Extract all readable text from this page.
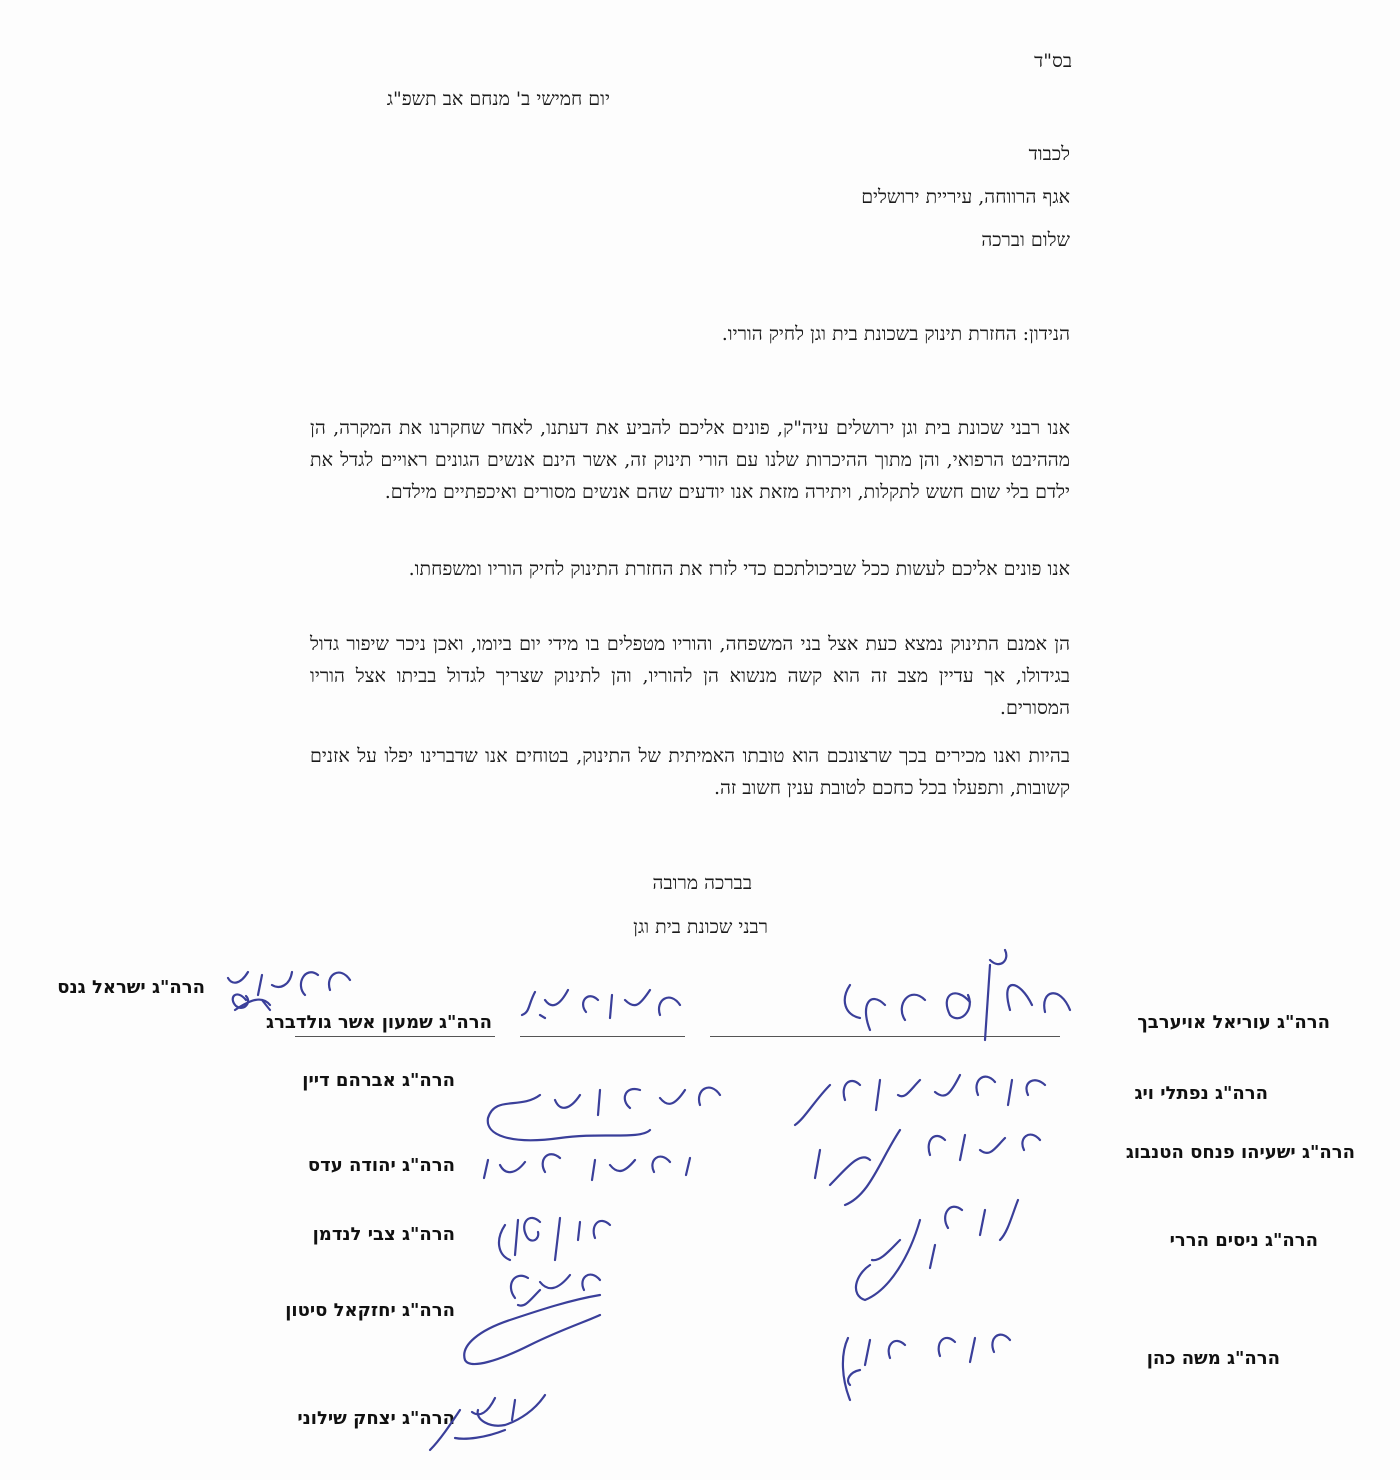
בס"ד
יום חמישי ב' מנחם אב תשפ"ג
לכבוד
אגף הרווחה, עיריית ירושלים
שלום וברכה
הנידון: החזרת תינוק בשכונת בית וגן לחיק הוריו.
אנו רבני שכונת בית וגן ירושלים עיה"ק, פונים אליכם להביע את דעתנו, לאחר שחקרנו את המקרה, הן מההיבט הרפואי, והן מתוך ההיכרות שלנו עם הורי תינוק זה, אשר הינם אנשים הגונים ראויים לגדל את ילדם בלי שום חשש לתקלות, ויתירה מזאת אנו יודעים שהם אנשים מסורים ואיכפתיים מילדם.
אנו פונים אליכם לעשות ככל שביכולתכם כדי לזרז את החזרת התינוק לחיק הוריו ומשפחתו.
הן אמנם התינוק נמצא כעת אצל בני המשפחה, והוריו מטפלים בו מידי יום ביומו, ואכן ניכר שיפור גדול בגידולו, אך עדיין מצב זה הוא קשה מנשוא הן להוריו, והן לתינוק שצריך לגדול בביתו אצל הוריו המסורים.
בהיות ואנו מכירים בכך שרצונכם הוא טובתו האמיתית של התינוק, בטוחים אנו שדברינו יפלו על אזנים קשובות, ותפעלו בכל כחכם לטובת ענין חשוב זה.
בברכה מרובה
רבני שכונת בית וגן
הרה"ג עוריאל אויערבך
הרה"ג ישראל גנס
הרה"ג שמעון אשר גולדברג
הרה"ג נפתלי ויג
הרה"ג אברהם דיין
הרה"ג ישעיהו פנחס הטנבוג
הרה"ג יהודה עדס
הרה"ג ניסים הררי
הרה"ג צבי לנדמן
הרה"ג יחזקאל סיטון
הרה"ג משה כהן
הרה"ג יצחק שילוני
